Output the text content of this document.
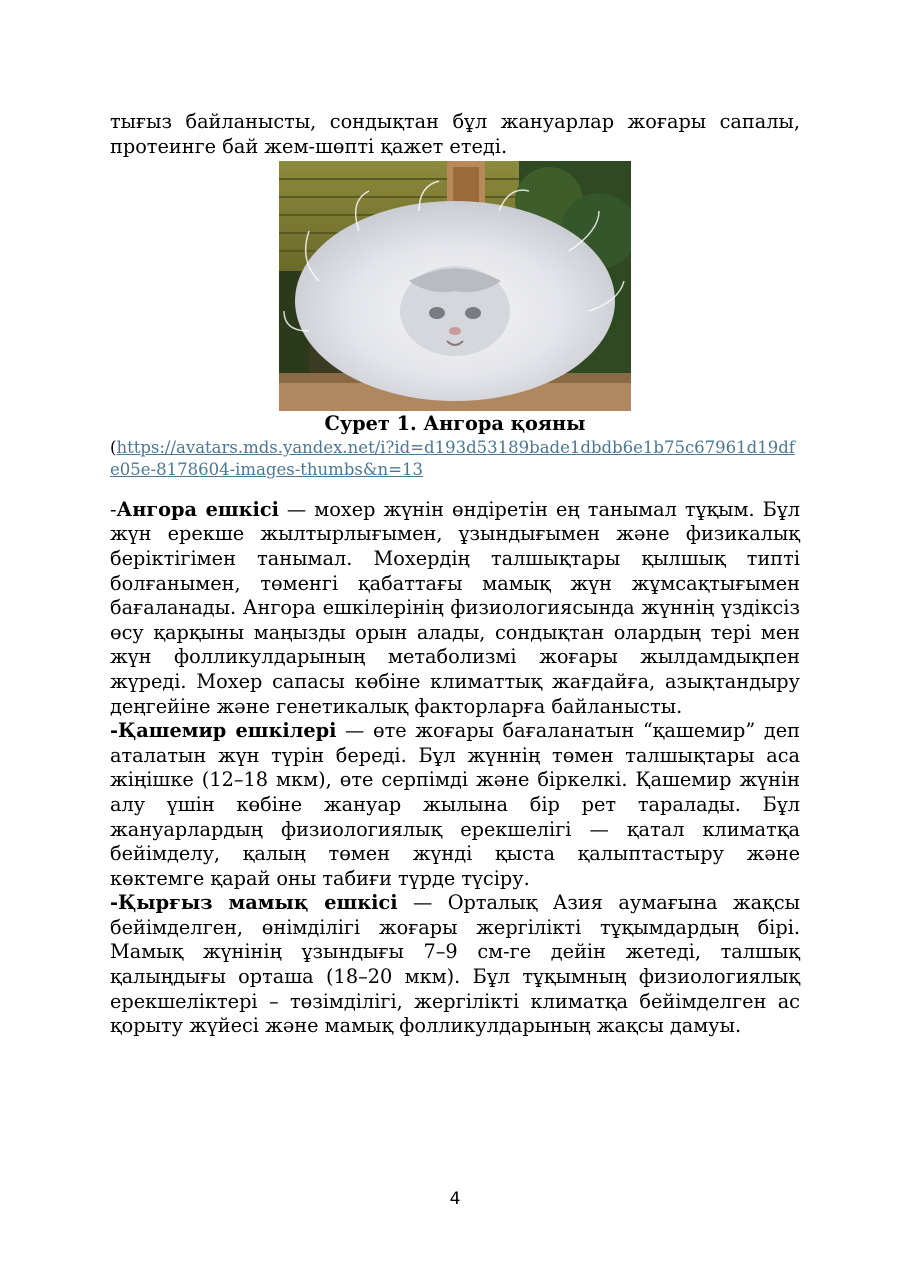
тығыз байланысты, сондықтан бұл жануарлар жоғары сапалы, протеинге бай жем-шөпті қажет етеді.

Сурет 1. Ангора қояны

(https://avatars.mds.yandex.net/i?id=d193d53189bade1dbdb6e1b75c67961d19dfe05e-8178604-images-thumbs&n=13

-Ангора ешкісі — мохер жүнін өндіретін ең танымал тұқым. Бұл жүн ерекше жылтырлығымен, ұзындығымен және физикалық беріктігімен танымал. Мохердің талшықтары қылшық типті болғанымен, төменгі қабаттағы мамық жүн жұмсақтығымен бағаланады. Ангора ешкілерінің физиологиясында жүннің үздіксіз өсу қарқыны маңызды орын алады, сондықтан олардың тері мен жүн фолликулдарының метаболизмі жоғары жылдамдықпен жүреді. Мохер сапасы көбіне климаттық жағдайға, азықтандыру деңгейіне және генетикалық факторларға байланысты.

-Қашемир ешкілері — өте жоғары бағаланатын “қашемир” деп аталатын жүн түрін береді. Бұл жүннің төмен талшықтары аса жіңішке (12–18 мкм), өте серпімді және біркелкі. Қашемир жүнін алу үшін көбіне жануар жылына бір рет таралады. Бұл жануарлардың физиологиялық ерекшелігі — қатал климатқа бейімделу, қалың төмен жүнді қыста қалыптастыру және көктемге қарай оны табиғи түрде түсіру.

-Қырғыз мамық ешкісі — Орталық Азия аумағына жақсы бейімделген, өнімділігі жоғары жергілікті тұқымдардың бірі. Мамық жүнінің ұзындығы 7–9 см-ге дейін жетеді, талшық қалыңдығы орташа (18–20 мкм). Бұл тұқымның физиологиялық ерекшеліктері – төзімділігі, жергілікті климатқа бейімделген ас қорыту жүйесі және мамық фолликулдарының жақсы дамуы.

4
